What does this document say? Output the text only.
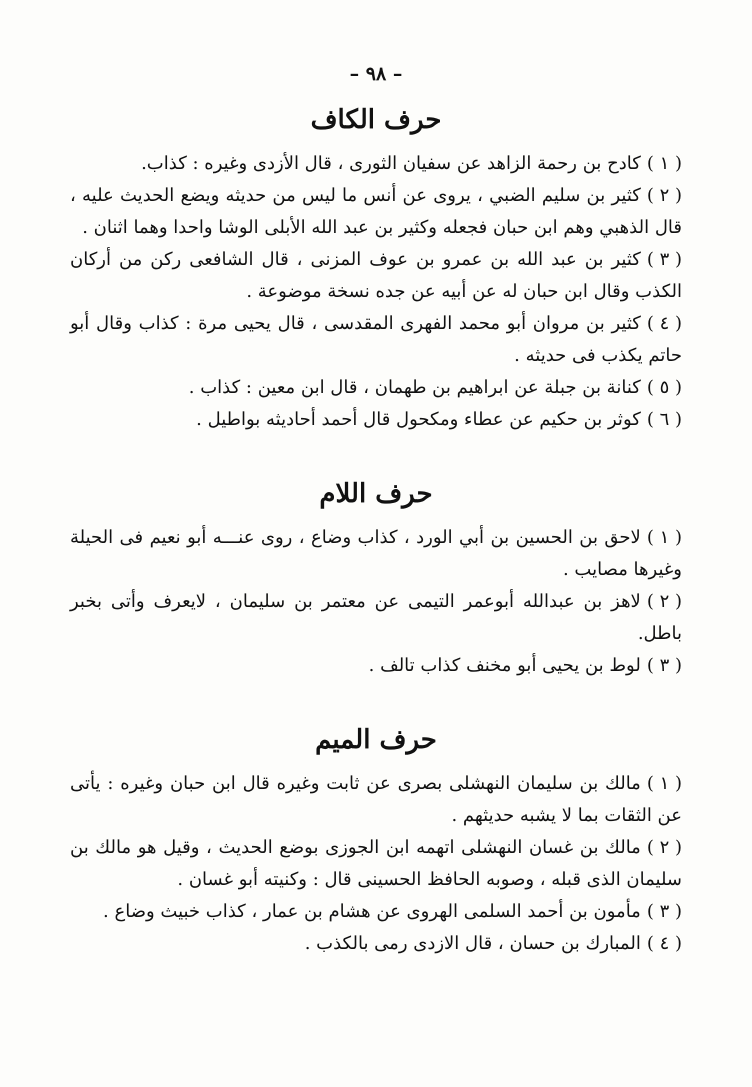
– ٩٨ –
حرف الكاف
( ١ )كادح بن رحمة الزاهد عن سفيان الثورى ، قال الأزدى وغيره : كذاب.
( ٢ )كثير بن سليم الضبي ، يروى عن أنس ما ليس من حديثه ويضع الحديث عليه ، قال الذهبي وهم ابن حبان فجعله وكثير بن عبد الله الأبلى الوشا واحدا وهما اثنان .
( ٣ )كثير بن عبد الله بن عمرو بن عوف المزنى ، قال الشافعى ركن من أركان الكذب وقال ابن حبان له عن أبيه عن جده نسخة موضوعة .
( ٤ )كثير بن مروان أبو محمد الفهرى المقدسى ، قال يحيى مرة : كذاب وقال أبو حاتم يكذب فى حديثه .
( ٥ )كنانة بن جبلة عن ابراهيم بن طهمان ، قال ابن معين : كذاب .
( ٦ )كوثر بن حكيم عن عطاء ومكحول قال أحمد أحاديثه بواطيل .
حرف اللام
( ١ )لاحق بن الحسين بن أبي الورد ، كذاب وضاع ، روى عنـــه أبو نعيم فى الحيلة وغيرها مصايب .
( ٢ )لاهز بن عبدالله أبوعمر التيمى عن معتمر بن سليمان ، لايعرف وأتى بخبر باطل.
( ٣ )لوط بن يحيى أبو مخنف كذاب تالف .
حرف الميم
( ١ )مالك بن سليمان النهشلى بصرى عن ثابت وغيره قال ابن حبان وغيره : يأتى عن الثقات بما لا يشبه حديثهم .
( ٢ )مالك بن غسان النهشلى اتهمه ابن الجوزى بوضع الحديث ، وقيل هو مالك بن سليمان الذى قبله ، وصوبه الحافظ الحسينى قال : وكنيته أبو غسان .
( ٣ )مأمون بن أحمد السلمى الهروى عن هشام بن عمار ، كذاب خبيث وضاع .
( ٤ )المبارك بن حسان ، قال الازدى رمى بالكذب .
